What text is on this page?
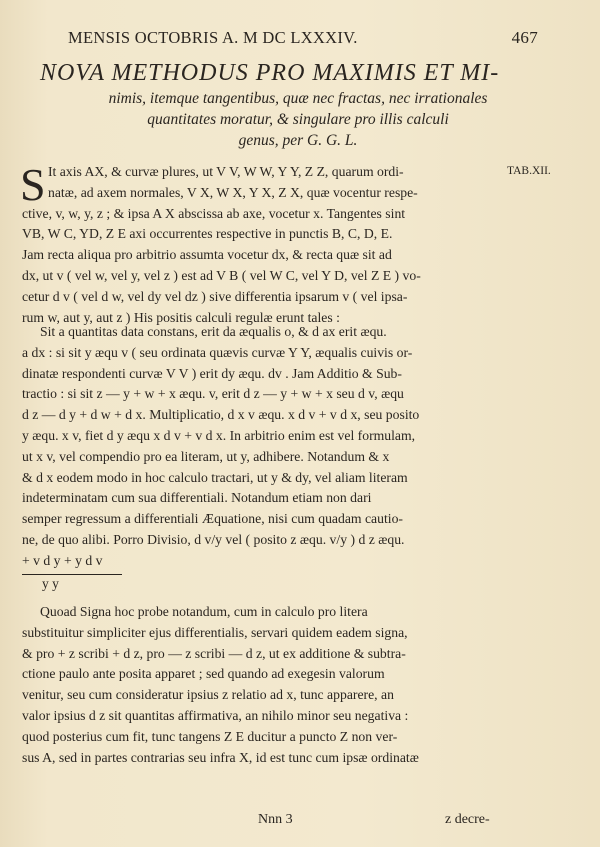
MENSIS OCTOBRIS A. M DC LXXXIV.	467
NOVA METHODUS PRO MAXIMIS ET MI-
nimis, itemque tangentibus, quæ nec fractas, nec irrationales
quantitates moratur, & singulare pro illis calculi
genus, per G. G. L.
TAB.XII.
S It axis AX, & curvæ plures, ut V V, W W, Y Y, Z Z, quarum ordi-
natæ, ad axem normales, V X, W X, Y X, Z X, quæ vocentur respe-
ctive, v, w, y, z ; & ipsa A X abscissa ab axe, vocetur x. Tangentes sint
VB, W C, YD, Z E axi occurrentes respective in punctis B, C, D, E.
Jam recta aliqua pro arbitrio assumta vocetur dx, & recta quæ sit ad
dx, ut v ( vel w, vel y, vel z ) est ad V B ( vel W C, vel Y D, vel Z E ) vo-
cetur d v ( vel d w, vel dy vel dz ) sive differentia ipsarum v ( vel ipsa-
rum w, aut y, aut z ) His positis calculi regulæ erunt tales :
Sit a quantitas data constans, erit da æqualis o, & d ax erit æqu.
a dx : si sit y æqu v ( seu ordinata quævis curvæ Y Y, æqualis cuivis or-
dinatæ respondenti curvæ V V ) erit dy æqu. dv . Jam Additio & Sub-
tractio : si sit z — y + w + x æqu. v, erit d z — y + w + x seu d v, æqu
d z — d y + d w + d x. Multiplicatio, d x v æqu. x d v + v d x, seu posito
y æqu. x v, fiet d y æqu x d v + v d x. In arbitrio enim est vel formulam,
ut x v, vel compendio pro ea literam, ut y, adhibere. Notandum & x
& d x eodem modo in hoc calculo tractari, ut y & dy, vel aliam literam
indeterminatam cum sua differentiali. Notandum etiam non dari
semper regressum a differentiali Æquatione, nisi cum quadam cautio-
ne, de quo alibi. Porro Divisio, d v/y vel ( posito z æqu. v/y ) d z æqu.
+ v d y + y d v
y y
Quoad Signa hoc probe notandum, cum in calculo pro litera
substituitur simpliciter ejus differentialis, servari quidem eadem signa,
& pro + z scribi + d z, pro — z scribi — d z, ut ex additione & subtra-
ctione paulo ante posita apparet ; sed quando ad exegesin valorum
venitur, seu cum consideratur ipsius z relatio ad x, tunc apparere, an
valor ipsius d z sit quantitas affirmativa, an nihilo minor seu negativa :
quod posterius cum fit, tunc tangens Z E ducitur a puncto Z non ver-
sus A, sed in partes contrarias seu infra X, id est tunc cum ipsæ ordinatæ
Nnn 3	z decre-
